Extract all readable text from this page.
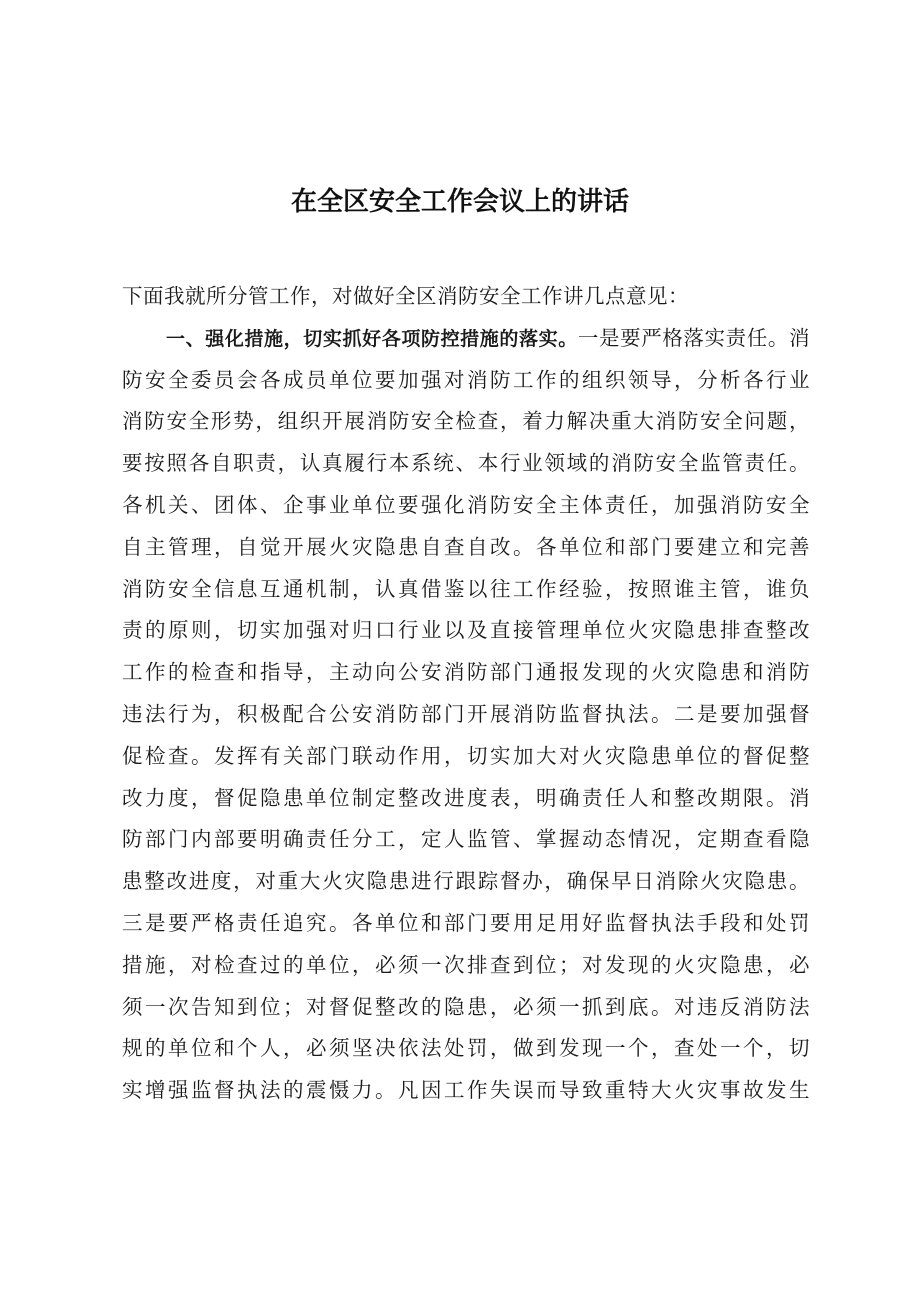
在全区安全工作会议上的讲话
下面我就所分管工作，对做好全区消防安全工作讲几点意见：
一、强化措施，切实抓好各项防控措施的落实。一是要严格落实责任。消
防安全委员会各成员单位要加强对消防工作的组织领导，分析各行业
消防安全形势，组织开展消防安全检查，着力解决重大消防安全问题，
要按照各自职责，认真履行本系统、本行业领域的消防安全监管责任。
各机关、团体、企事业单位要强化消防安全主体责任，加强消防安全
自主管理，自觉开展火灾隐患自查自改。各单位和部门要建立和完善
消防安全信息互通机制，认真借鉴以往工作经验，按照谁主管，谁负
责的原则，切实加强对归口行业以及直接管理单位火灾隐患排查整改
工作的检查和指导，主动向公安消防部门通报发现的火灾隐患和消防
违法行为，积极配合公安消防部门开展消防监督执法。二是要加强督
促检查。发挥有关部门联动作用，切实加大对火灾隐患单位的督促整
改力度，督促隐患单位制定整改进度表，明确责任人和整改期限。消
防部门内部要明确责任分工，定人监管、掌握动态情况，定期查看隐
患整改进度，对重大火灾隐患进行跟踪督办，确保早日消除火灾隐患。
三是要严格责任追究。各单位和部门要用足用好监督执法手段和处罚
措施，对检查过的单位，必须一次排查到位；对发现的火灾隐患，必
须一次告知到位；对督促整改的隐患，必须一抓到底。对违反消防法
规的单位和个人，必须坚决依法处罚，做到发现一个，查处一个，切
实增强监督执法的震慑力。凡因工作失误而导致重特大火灾事故发生
